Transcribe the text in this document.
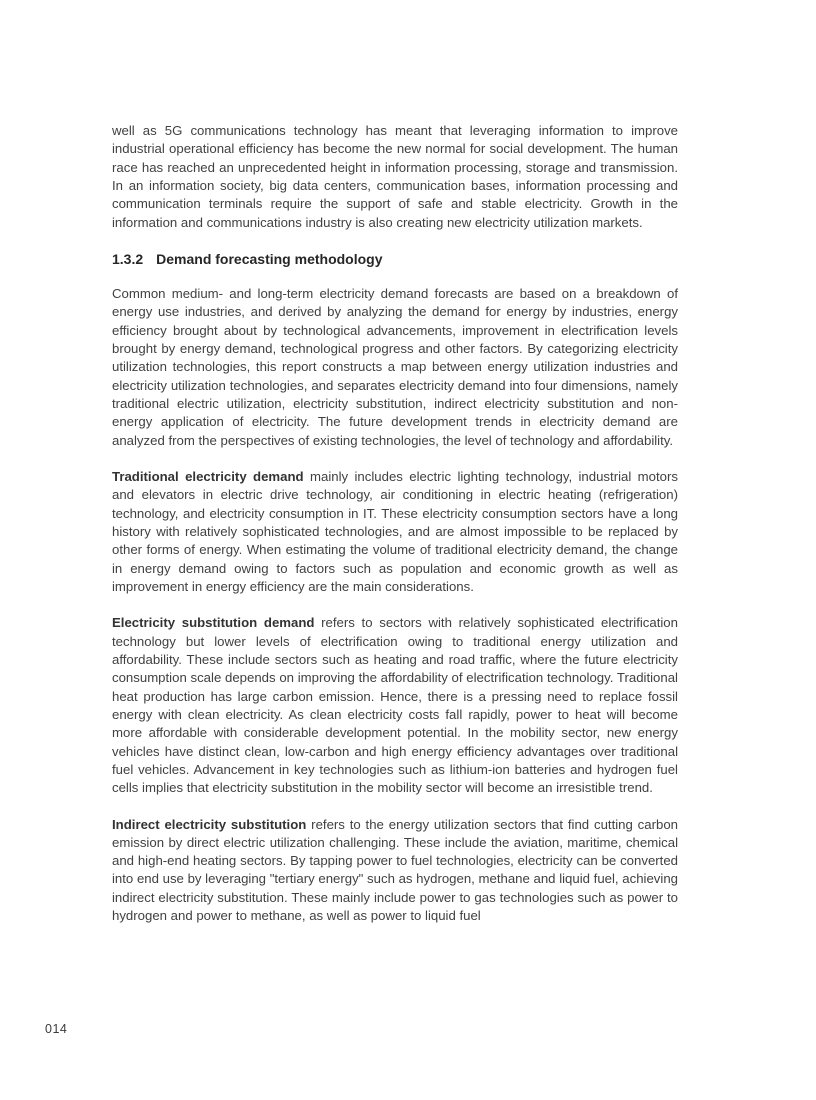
well as 5G communications technology has meant that leveraging information to improve industrial operational efficiency has become the new normal for social development. The human race has reached an unprecedented height in information processing, storage and transmission. In an information society, big data centers, communication bases, information processing and communication terminals require the support of safe and stable electricity. Growth in the information and communications industry is also creating new electricity utilization markets.

1.3.2 Demand forecasting methodology

Common medium- and long-term electricity demand forecasts are based on a breakdown of energy use industries, and derived by analyzing the demand for energy by industries, energy efficiency brought about by technological advancements, improvement in electrification levels brought by energy demand, technological progress and other factors. By categorizing electricity utilization technologies, this report constructs a map between energy utilization industries and electricity utilization technologies, and separates electricity demand into four dimensions, namely traditional electric utilization, electricity substitution, indirect electricity substitution and non-energy application of electricity. The future development trends in electricity demand are analyzed from the perspectives of existing technologies, the level of technology and affordability.

Traditional electricity demand mainly includes electric lighting technology, industrial motors and elevators in electric drive technology, air conditioning in electric heating (refrigeration) technology, and electricity consumption in IT. These electricity consumption sectors have a long history with relatively sophisticated technologies, and are almost impossible to be replaced by other forms of energy. When estimating the volume of traditional electricity demand, the change in energy demand owing to factors such as population and economic growth as well as improvement in energy efficiency are the main considerations.

Electricity substitution demand refers to sectors with relatively sophisticated electrification technology but lower levels of electrification owing to traditional energy utilization and affordability. These include sectors such as heating and road traffic, where the future electricity consumption scale depends on improving the affordability of electrification technology. Traditional heat production has large carbon emission. Hence, there is a pressing need to replace fossil energy with clean electricity. As clean electricity costs fall rapidly, power to heat will become more affordable with considerable development potential. In the mobility sector, new energy vehicles have distinct clean, low-carbon and high energy efficiency advantages over traditional fuel vehicles. Advancement in key technologies such as lithium-ion batteries and hydrogen fuel cells implies that electricity substitution in the mobility sector will become an irresistible trend.

Indirect electricity substitution refers to the energy utilization sectors that find cutting carbon emission by direct electric utilization challenging. These include the aviation, maritime, chemical and high-end heating sectors. By tapping power to fuel technologies, electricity can be converted into end use by leveraging "tertiary energy" such as hydrogen, methane and liquid fuel, achieving indirect electricity substitution. These mainly include power to gas technologies such as power to hydrogen and power to methane, as well as power to liquid fuel

014
